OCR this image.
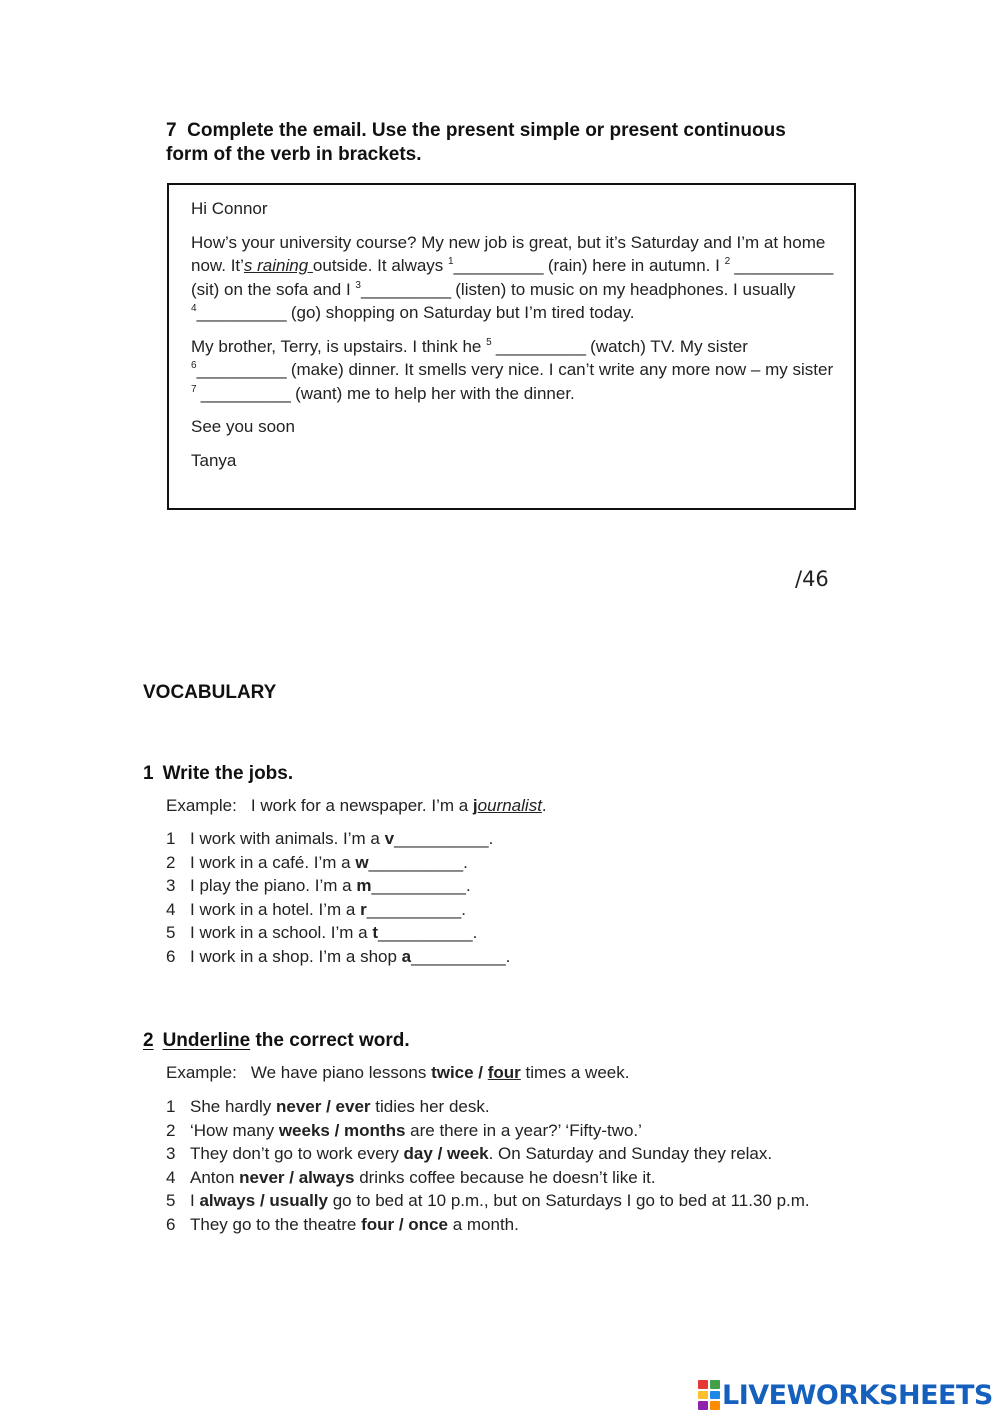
7 Complete the email. Use the present simple or present continuous
form of the verb in brackets.

Hi Connor

How’s your university course? My new job is great, but it’s Saturday and I’m at home now. It’s raining outside. It always $^1$__________ (rain) here in autumn. I $^2$ ___________ (sit) on the sofa and I $^3$__________ (listen) to music on my headphones. I usually $^4$__________ (go) shopping on Saturday but I’m tired today.

My brother, Terry, is upstairs. I think he $^5$ __________ (watch) TV. My sister $^6$__________ (make) dinner. It smells very nice. I can’t write any more now – my sister $^7$ __________ (want) me to help her with the dinner.

See you soon

Tanya

/46
VOCABULARY
1 Write the jobs.
Example: I work for a newspaper. I’m a journalist.
1 I work with animals. I’m a v__________.
2 I work in a café. I’m a w__________.
3 I play the piano. I’m a m__________.
4 I work in a hotel. I’m a r__________.
5 I work in a school. I’m a t__________.
6 I work in a shop. I’m a shop a__________.
2 Underline the correct word.
Example: We have piano lessons twice / four times a week.
1 She hardly never / ever tidies her desk.
2 ‘How many weeks / months are there in a year?’ ‘Fifty-two.’
3 They don’t go to work every day / week. On Saturday and Sunday they relax.
4 Anton never / always drinks coffee because he doesn’t like it.
5 I always / usually go to bed at 10 p.m., but on Saturdays I go to bed at 11.30 p.m.
6 They go to the theatre four / once a month.
LIVEWORKSHEETS
